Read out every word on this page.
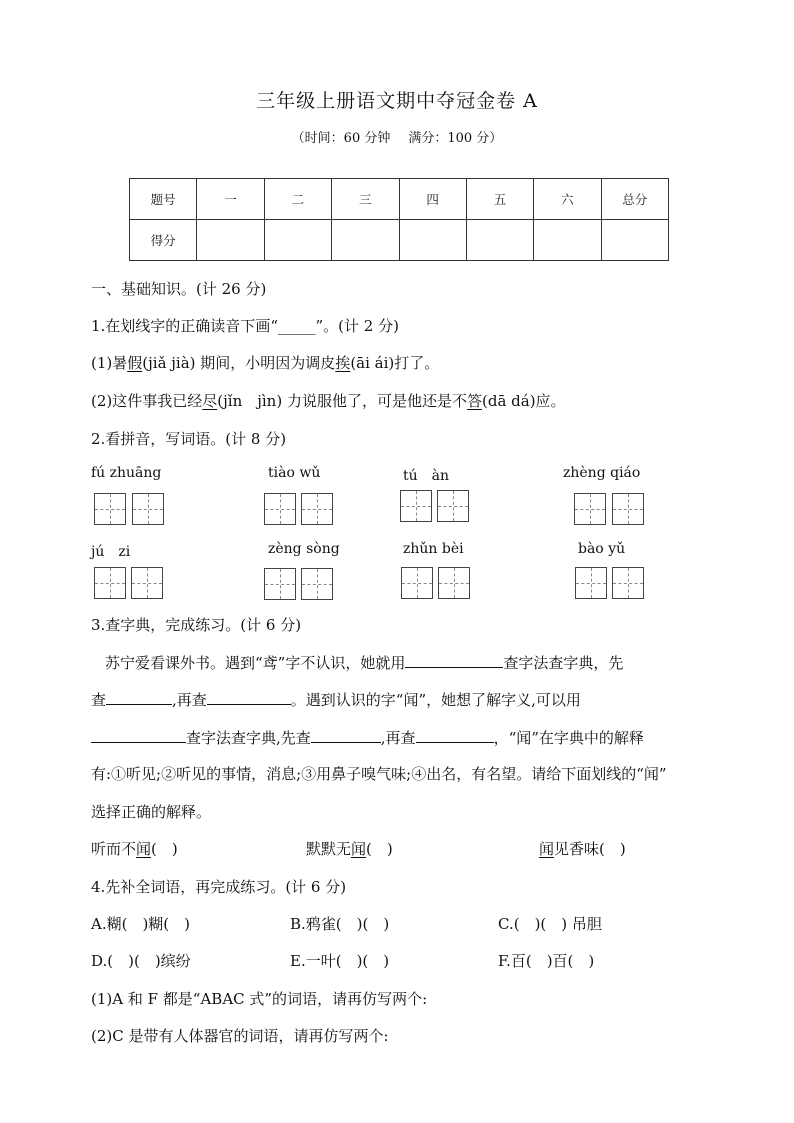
三年级上册语文期中夺冠金卷 A
（时间：60 分钟 满分：100 分）
题号	一	二	三	四	五	六	总分
得分							
一、基础知识。(计 26 分)
1.在划线字的正确读音下画“_____”。(计 2 分)
(1)暑假(jiǎ jià) 期间，小明因为调皮挨(āi ái)打了。
(2)这件事我已经尽(jǐn　jìn) 力说服他了，可是他还是不答(dā dá)应。
2.看拼音，写词语。(计 8 分)
fú zhuāng	tiào wǔ	tú　àn	zhèng qiáo
jú　zi	zèng sòng	zhǔn bèi	bào yǔ
3.查字典，完成练习。(计 6 分)
苏宁爱看课外书。遇到“鸢”字不认识，她就用	查字法查字典，先
查	,再查	。遇到认识的字“闻”，她想了解字义,可以用
查字法查字典,先查	,再查	，“闻”在字典中的解释
有:①听见;②听见的事情，消息;③用鼻子嗅气味;④出名，有名望。请给下面划线的“闻”
选择正确的解释。
听而不闻(　)	默默无闻(　)	闻见香味(　)
4.先补全词语，再完成练习。(计 6 分)
A.糊(　)糊(　)	B.鸦雀(　)(　)	C.(　)(　) 吊胆
D.(　)(　)缤纷	E.一叶(　)(　)	F.百(　)百(　)
(1)A 和 F 都是“ABAC 式”的词语，请再仿写两个:
(2)C 是带有人体器官的词语，请再仿写两个:
